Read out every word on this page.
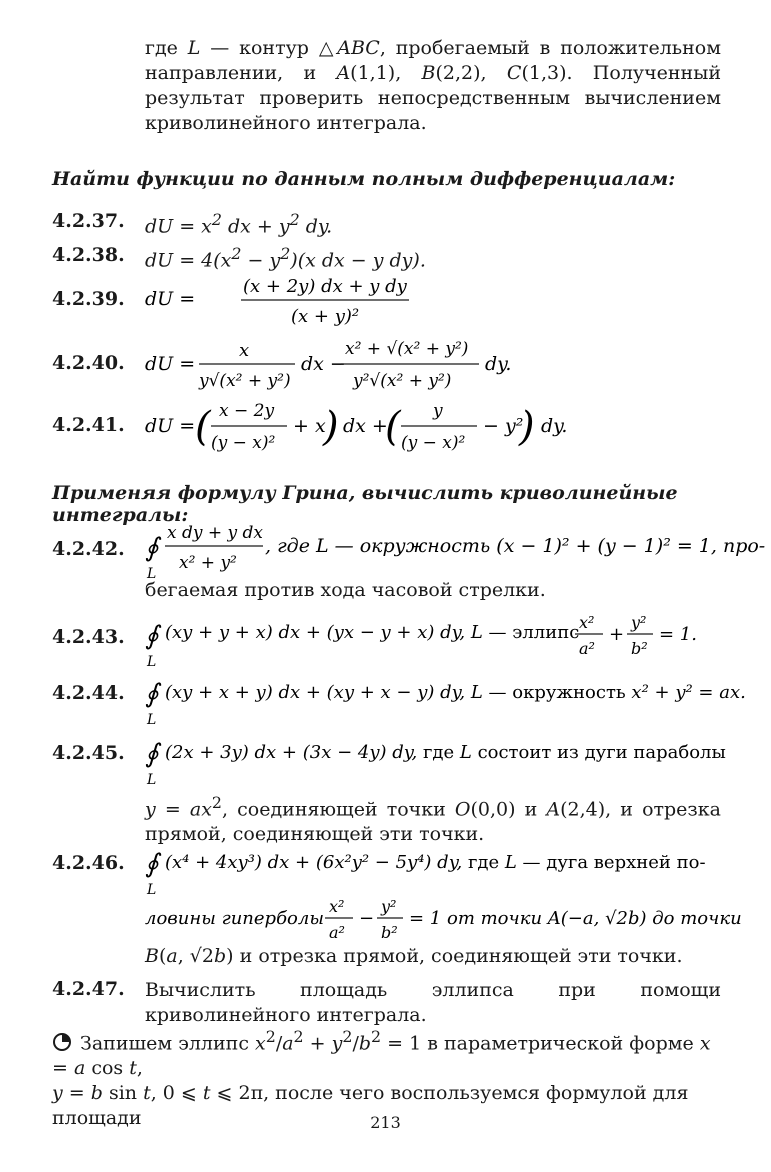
где L — контур △ABC, пробегаемый в положительном направлении, и A(1,1), B(2,2), C(1,3). Полученный результат проверить непосредственным вычислением криволинейного интеграла.
Найти функции по данным полным дифференциалам:
4.2.37. dU = $x^2$ dx + $y^2$ dy.
4.2.38. dU = $4(x^2 - y^2)(x$ dx − y dy).
4.2.39. dU =
(x + 2y) dx + y dy
(x + y)²
4.2.40. dU =
x
y√(x² + y²)
dx −
x² + √(x² + y²)
y²√(x² + y²)
dy.
4.2.41. dU = ( x − 2y
(y − x)²
+ x
) dx +
( y
(y − x)²
− y²
) dy.
Применяя формулу Грина, вычислить криволинейные интегралы:
4.2.42. ∮
L
x dy + y dx
x² + y²
, где L — окружность (x − 1)² + (y − 1)² = 1, про-
бегаемая против хода часовой стрелки.
4.2.43. ∮
L
(xy + y + x) dx + (yx − y + x) dy, L — эллипс x²
a²
+
y²
b²
= 1.
4.2.44. ∮
L
(xy + x + y) dx + (xy + x − y) dy, L — окружность x² + y² = ax.
4.2.45. ∮
L
(2x + 3y) dx + (3x − 4y) dy, где L состоит из дуги параболы
$y = ax^2$, соединяющей точки O(0,0) и A(2,4), и отрезка прямой, соединяющей эти точки.
4.2.46. ∮
L
(x⁴ + 4xy³) dx + (6x²y² − 5y⁴) dy, где L — дуга верхней по-
ловины гиперболы
x²
a²
−
y²
b²
= 1 от точки A(−a, √2b) до точки
B(a, √2b) и отрезка прямой, соединяющей эти точки.
4.2.47. Вычислить площадь эллипса при помощи криволинейного интеграла.
Запишем эллипс $x^2/a^2 + y^2/b^2 = 1$ в параметрической форме x = a cos t,
y = b sin t, 0 ⩽ t ⩽ 2π, после чего воспользуемся формулой для площади	213
